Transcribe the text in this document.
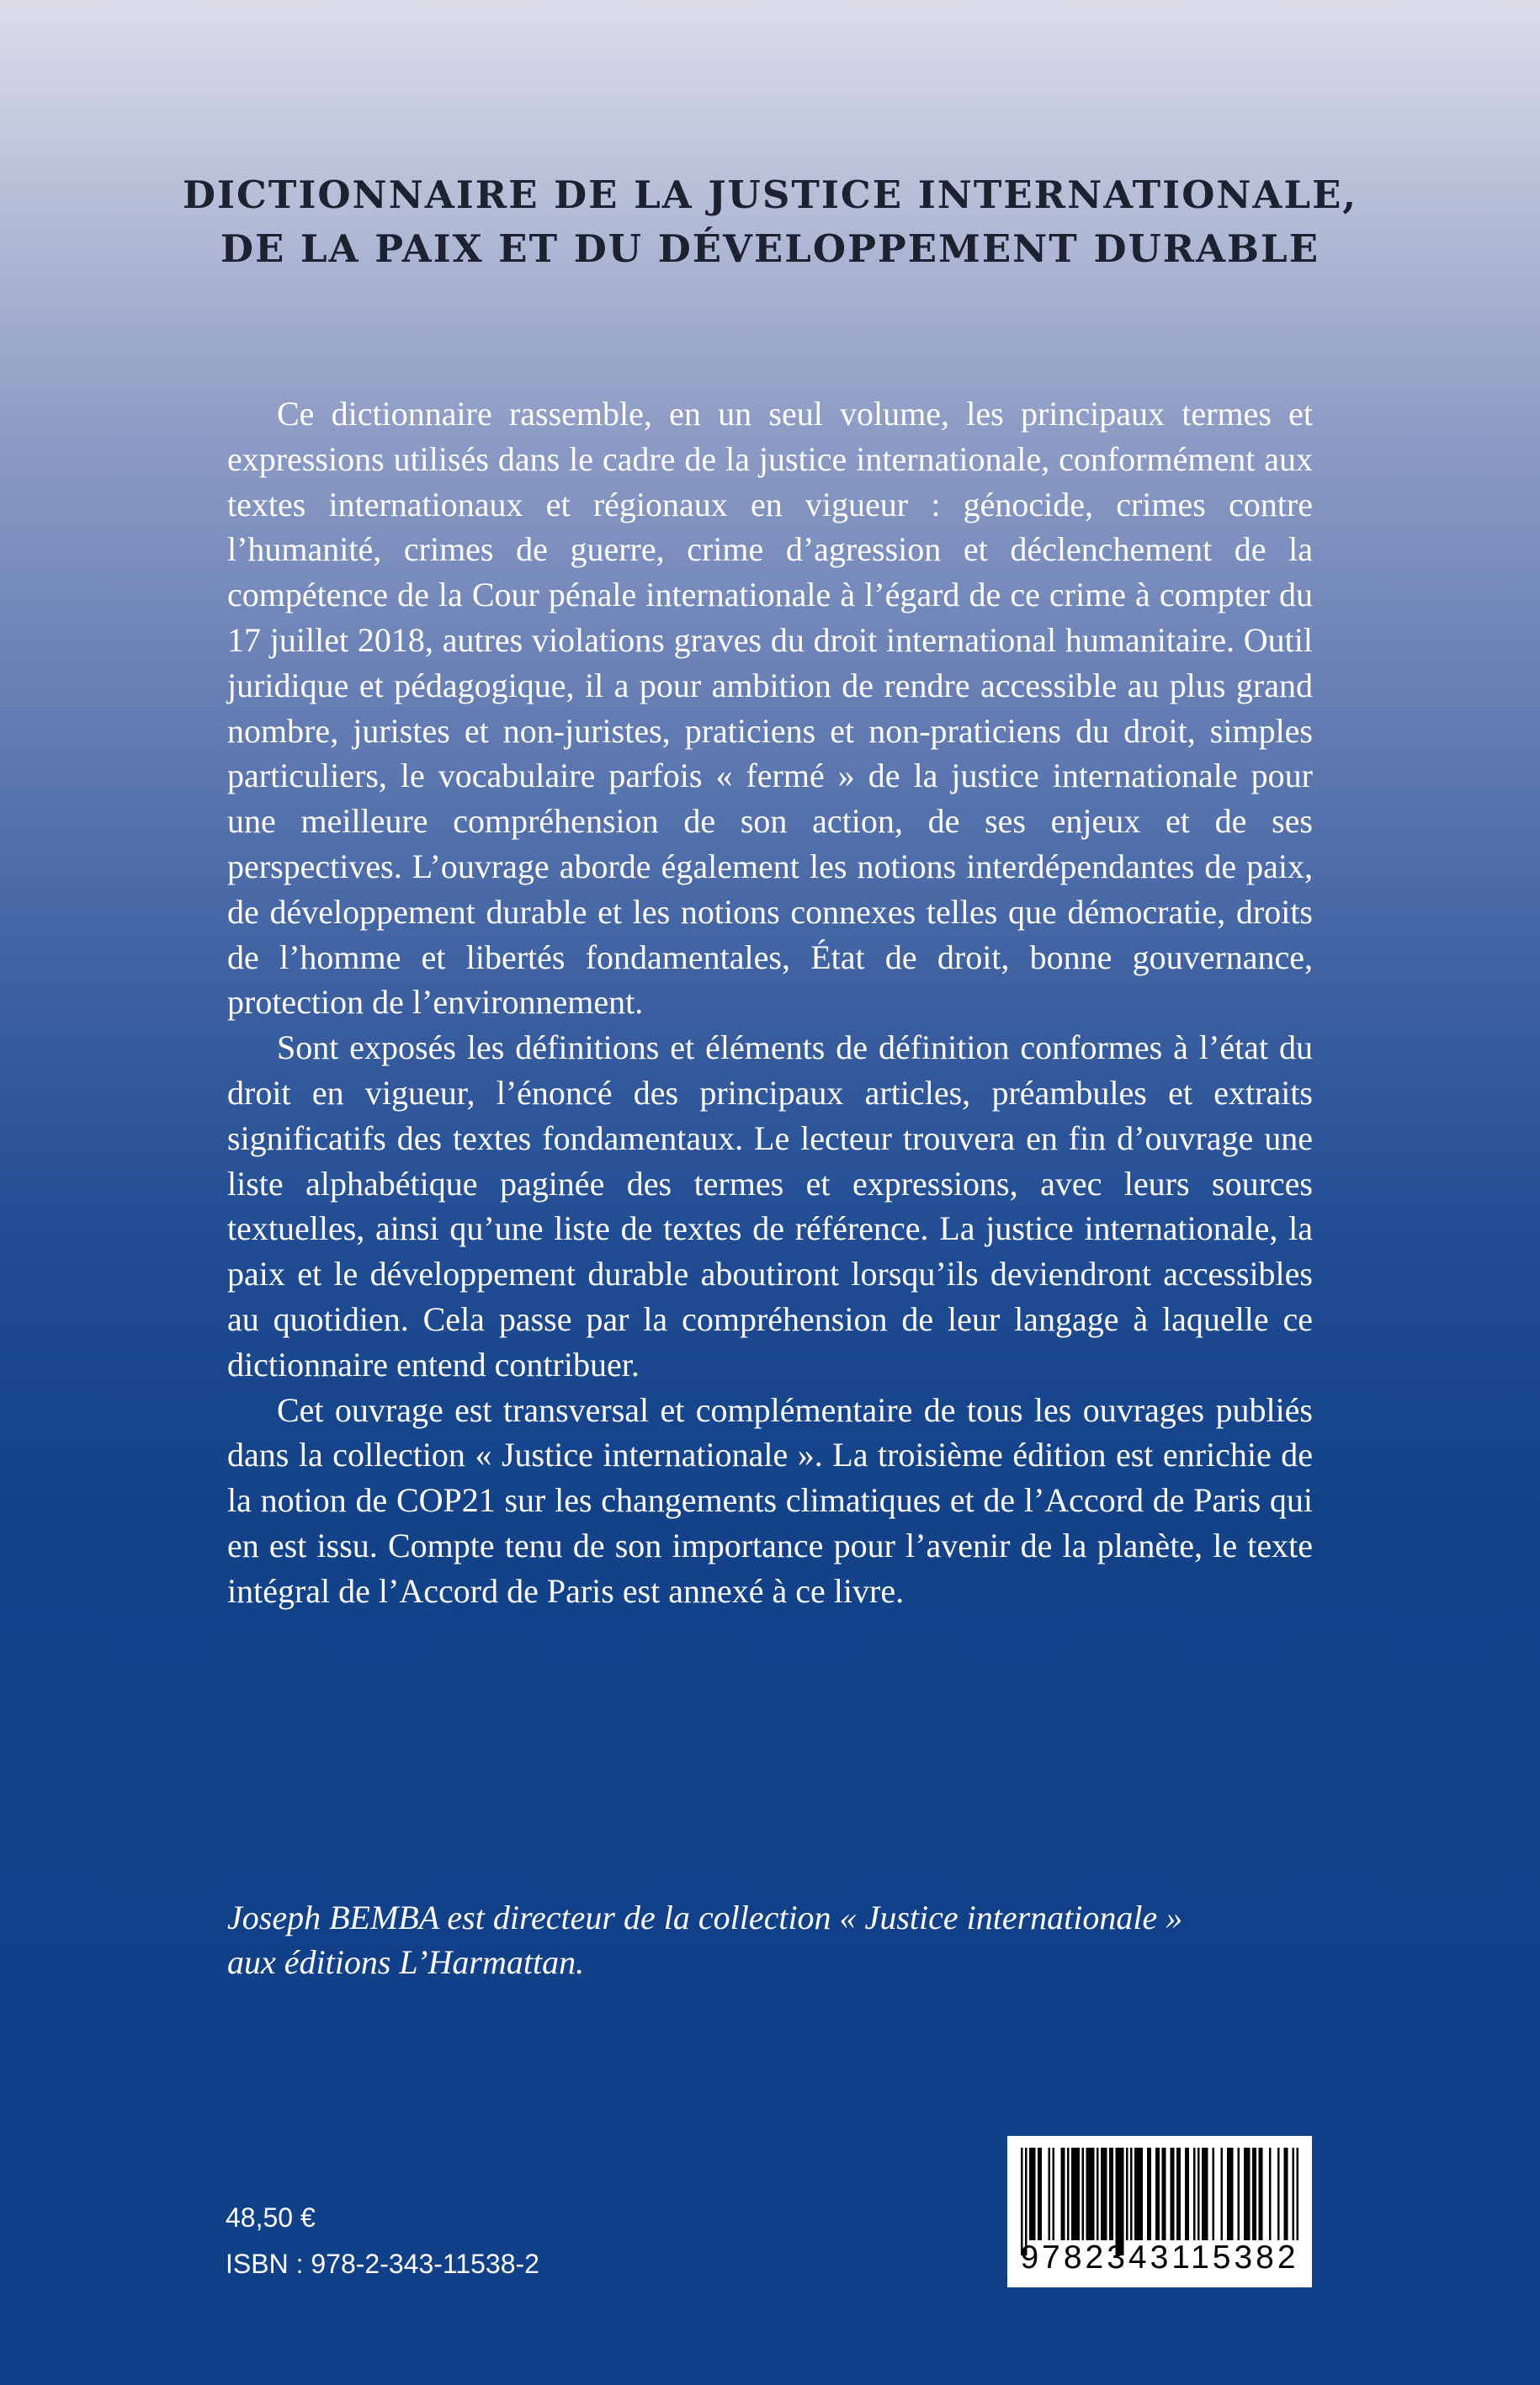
DICTIONNAIRE DE LA JUSTICE INTERNATIONALE,
DE LA PAIX ET DU DÉVELOPPEMENT DURABLE

Ce dictionnaire rassemble, en un seul volume, les principaux termes et expressions utilisés dans le cadre de la justice internationale, conformément aux textes internationaux et régionaux en vigueur : génocide, crimes contre l’humanité, crimes de guerre, crime d’agression et déclenchement de la compétence de la Cour pénale internationale à l’égard de ce crime à compter du 17 juillet 2018, autres violations graves du droit international humanitaire. Outil juridique et pédagogique, il a pour ambition de rendre accessible au plus grand nombre, juristes et non-juristes, praticiens et non-praticiens du droit, simples particuliers, le vocabulaire parfois « fermé » de la justice internationale pour une meilleure compréhension de son action, de ses enjeux et de ses perspectives. L’ouvrage aborde également les notions interdépendantes de paix, de développement durable et les notions connexes telles que démocratie, droits de l’homme et libertés fondamentales, État de droit, bonne gouvernance, protection de l’environnement.

Sont exposés les définitions et éléments de définition conformes à l’état du droit en vigueur, l’énoncé des principaux articles, préambules et extraits significatifs des textes fondamentaux. Le lecteur trouvera en fin d’ouvrage une liste alphabétique paginée des termes et expressions, avec leurs sources textuelles, ainsi qu’une liste de textes de référence. La justice internationale, la paix et le développement durable aboutiront lorsqu’ils deviendront accessibles au quotidien. Cela passe par la compréhension de leur langage à laquelle ce dictionnaire entend contribuer.

Cet ouvrage est transversal et complémentaire de tous les ouvrages publiés dans la collection « Justice internationale ». La troisième édition est enrichie de la notion de COP21 sur les changements climatiques et de l’Accord de Paris qui en est issu. Compte tenu de son importance pour l’avenir de la planète, le texte intégral de l’Accord de Paris est annexé à ce livre.

Joseph BEMBA est directeur de la collection « Justice internationale »
aux éditions L’Harmattan.
48,50 €
ISBN : 978-2-343-11538-2	9782343115382
